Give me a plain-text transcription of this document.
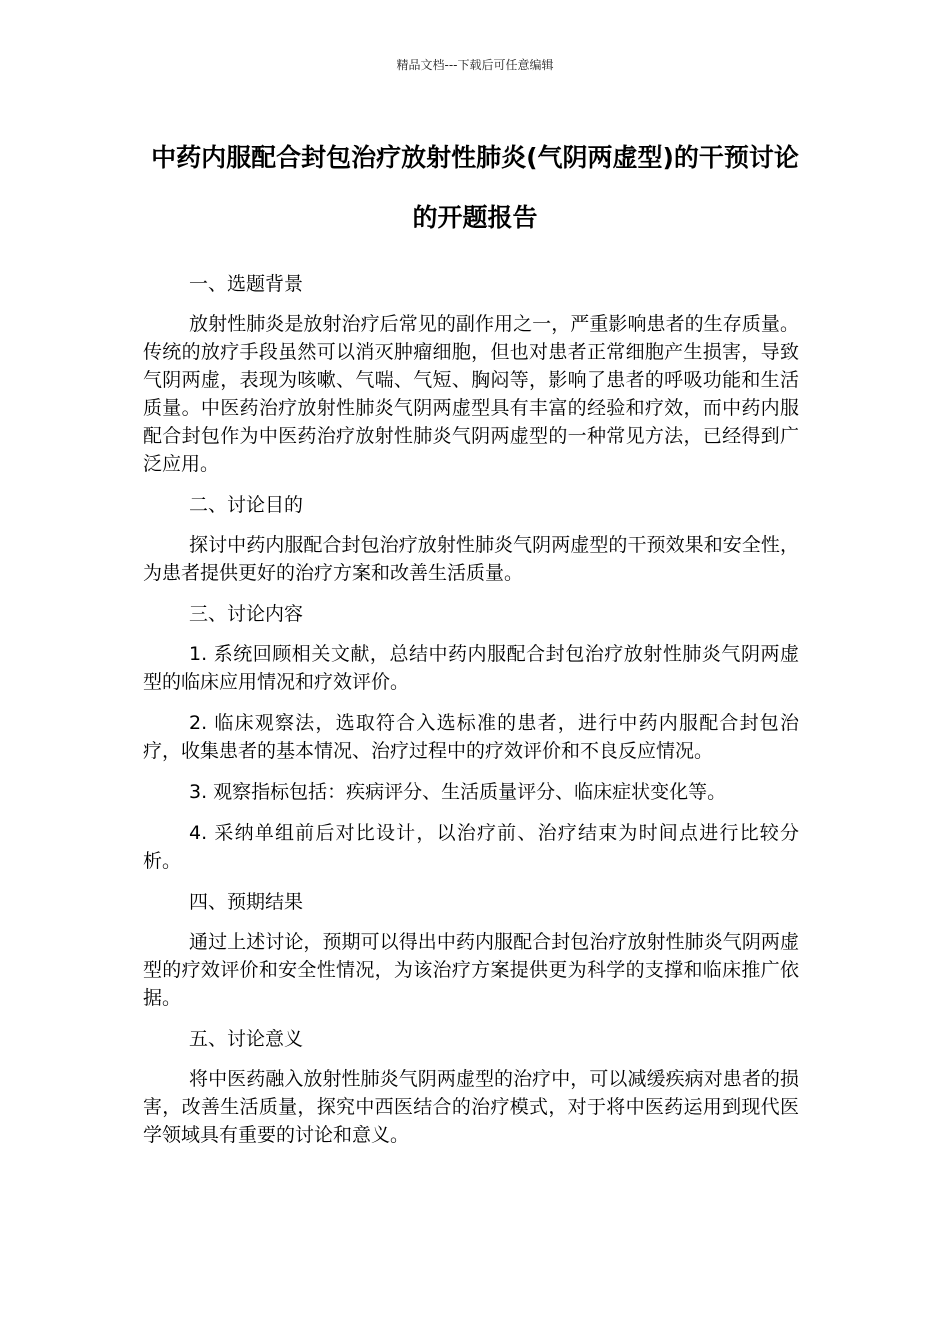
精品文档---下载后可任意编辑
中药内服配合封包治疗放射性肺炎(气阴两虚型)的干预讨论的开题报告

一、选题背景

放射性肺炎是放射治疗后常见的副作用之一，严重影响患者的生存质量。传统的放疗手段虽然可以消灭肿瘤细胞，但也对患者正常细胞产生损害，导致气阴两虚，表现为咳嗽、气喘、气短、胸闷等，影响了患者的呼吸功能和生活质量。中医药治疗放射性肺炎气阴两虚型具有丰富的经验和疗效，而中药内服配合封包作为中医药治疗放射性肺炎气阴两虚型的一种常见方法，已经得到广泛应用。

二、讨论目的

探讨中药内服配合封包治疗放射性肺炎气阴两虚型的干预效果和安全性，为患者提供更好的治疗方案和改善生活质量。

三、讨论内容

1. 系统回顾相关文献，总结中药内服配合封包治疗放射性肺炎气阴两虚型的临床应用情况和疗效评价。

2. 临床观察法，选取符合入选标准的患者，进行中药内服配合封包治疗，收集患者的基本情况、治疗过程中的疗效评价和不良反应情况。

3. 观察指标包括：疾病评分、生活质量评分、临床症状变化等。

4. 采纳单组前后对比设计，以治疗前、治疗结束为时间点进行比较分析。

四、预期结果

通过上述讨论，预期可以得出中药内服配合封包治疗放射性肺炎气阴两虚型的疗效评价和安全性情况，为该治疗方案提供更为科学的支撑和临床推广依据。

五、讨论意义

将中医药融入放射性肺炎气阴两虚型的治疗中，可以减缓疾病对患者的损害，改善生活质量，探究中西医结合的治疗模式，对于将中医药运用到现代医学领域具有重要的讨论和意义。
